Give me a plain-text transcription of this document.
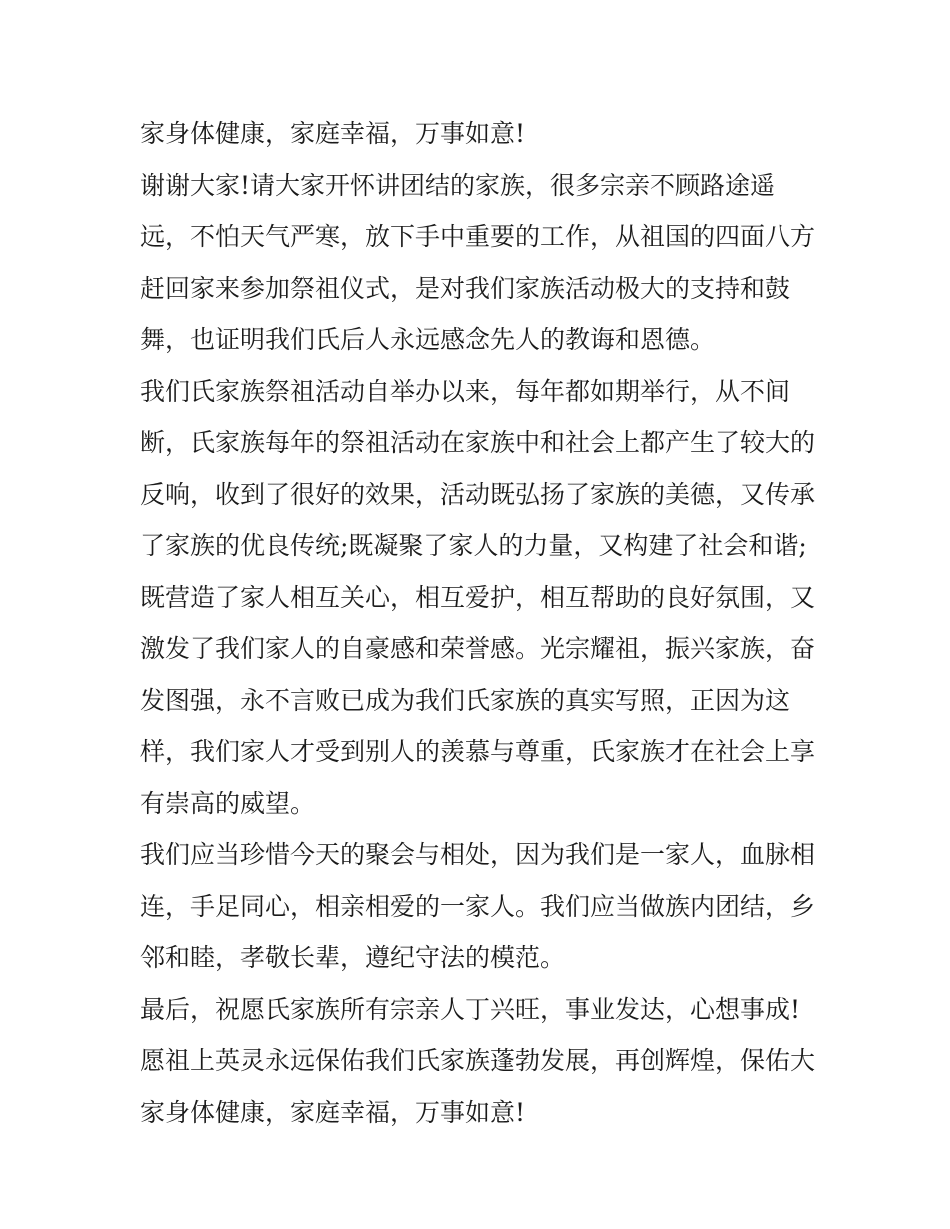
家身体健康，家庭幸福，万事如意!
谢谢大家!请大家开怀讲团结的家族，很多宗亲不顾路途遥
远，不怕天气严寒，放下手中重要的工作，从祖国的四面八方
赶回家来参加祭祖仪式，是对我们家族活动极大的支持和鼓
舞，也证明我们氏后人永远感念先人的教诲和恩德。
我们氏家族祭祖活动自举办以来，每年都如期举行，从不间
断，氏家族每年的祭祖活动在家族中和社会上都产生了较大的
反响，收到了很好的效果，活动既弘扬了家族的美德，又传承
了家族的优良传统;既凝聚了家人的力量，又构建了社会和谐;
既营造了家人相互关心，相互爱护，相互帮助的良好氛围，又
激发了我们家人的自豪感和荣誉感。光宗耀祖，振兴家族，奋
发图强，永不言败已成为我们氏家族的真实写照，正因为这
样，我们家人才受到别人的羡慕与尊重，氏家族才在社会上享
有崇高的威望。
我们应当珍惜今天的聚会与相处，因为我们是一家人，血脉相
连，手足同心，相亲相爱的一家人。我们应当做族内团结，乡
邻和睦，孝敬长辈，遵纪守法的模范。
最后，祝愿氏家族所有宗亲人丁兴旺，事业发达，心想事成!
愿祖上英灵永远保佑我们氏家族蓬勃发展，再创辉煌，保佑大
家身体健康，家庭幸福，万事如意!
